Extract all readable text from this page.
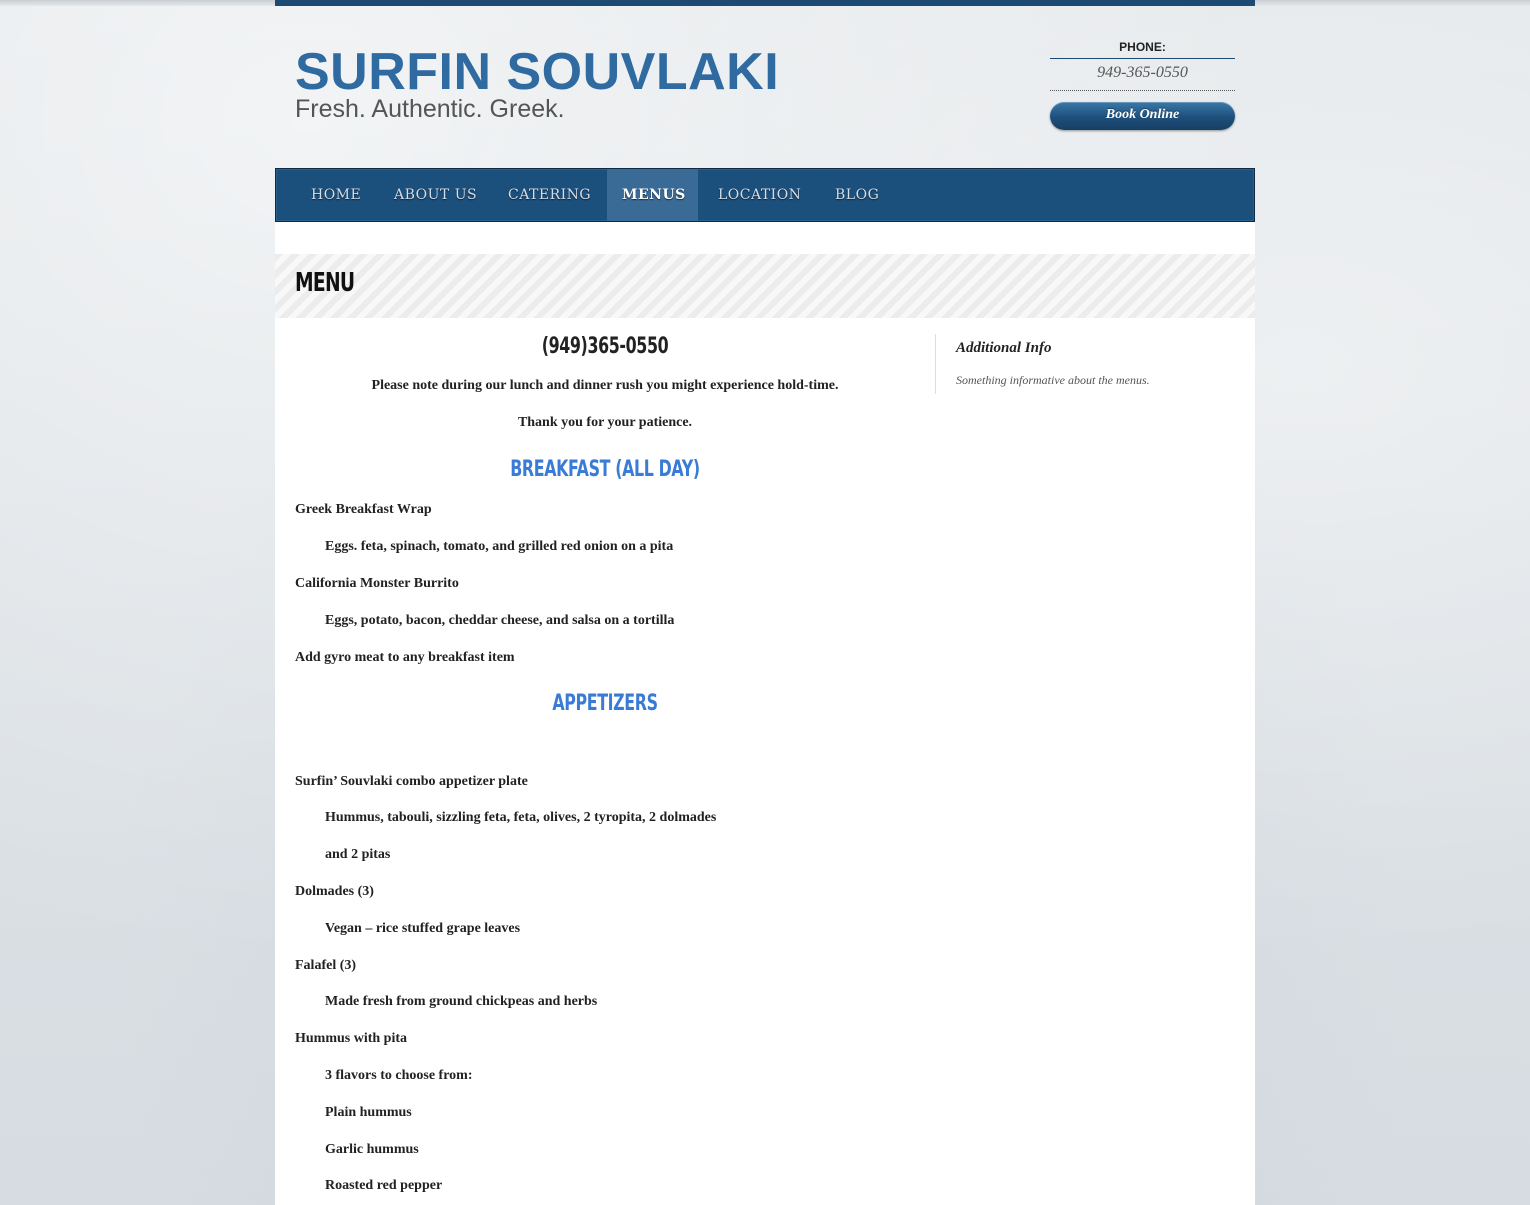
SURFIN SOUVLAKI
Fresh. Authentic. Greek.
PHONE:
949-365-0550
Book Online
HOME ABOUT US CATERING	MENUS	LOCATION BLOG
MENU
(949)365-0550
Please note during our lunch and dinner rush you might experience hold-time.
Thank you for your patience.
BREAKFAST (ALL DAY)
Greek Breakfast Wrap
Eggs. feta, spinach, tomato, and grilled red onion on a pita
California Monster Burrito
Eggs, potato, bacon, cheddar cheese, and salsa on a tortilla
Add gyro meat to any breakfast item
APPETIZERS
Surfin’ Souvlaki combo appetizer plate
Hummus, tabouli, sizzling feta, feta, olives, 2 tyropita, 2 dolmades
and 2 pitas
Dolmades (3)
Vegan – rice stuffed grape leaves
Falafel (3)
Made fresh from ground chickpeas and herbs
Hummus with pita
3 flavors to choose from:
Plain hummus
Garlic hummus
Roasted red pepper
Additional Info
Something informative about the menus.
